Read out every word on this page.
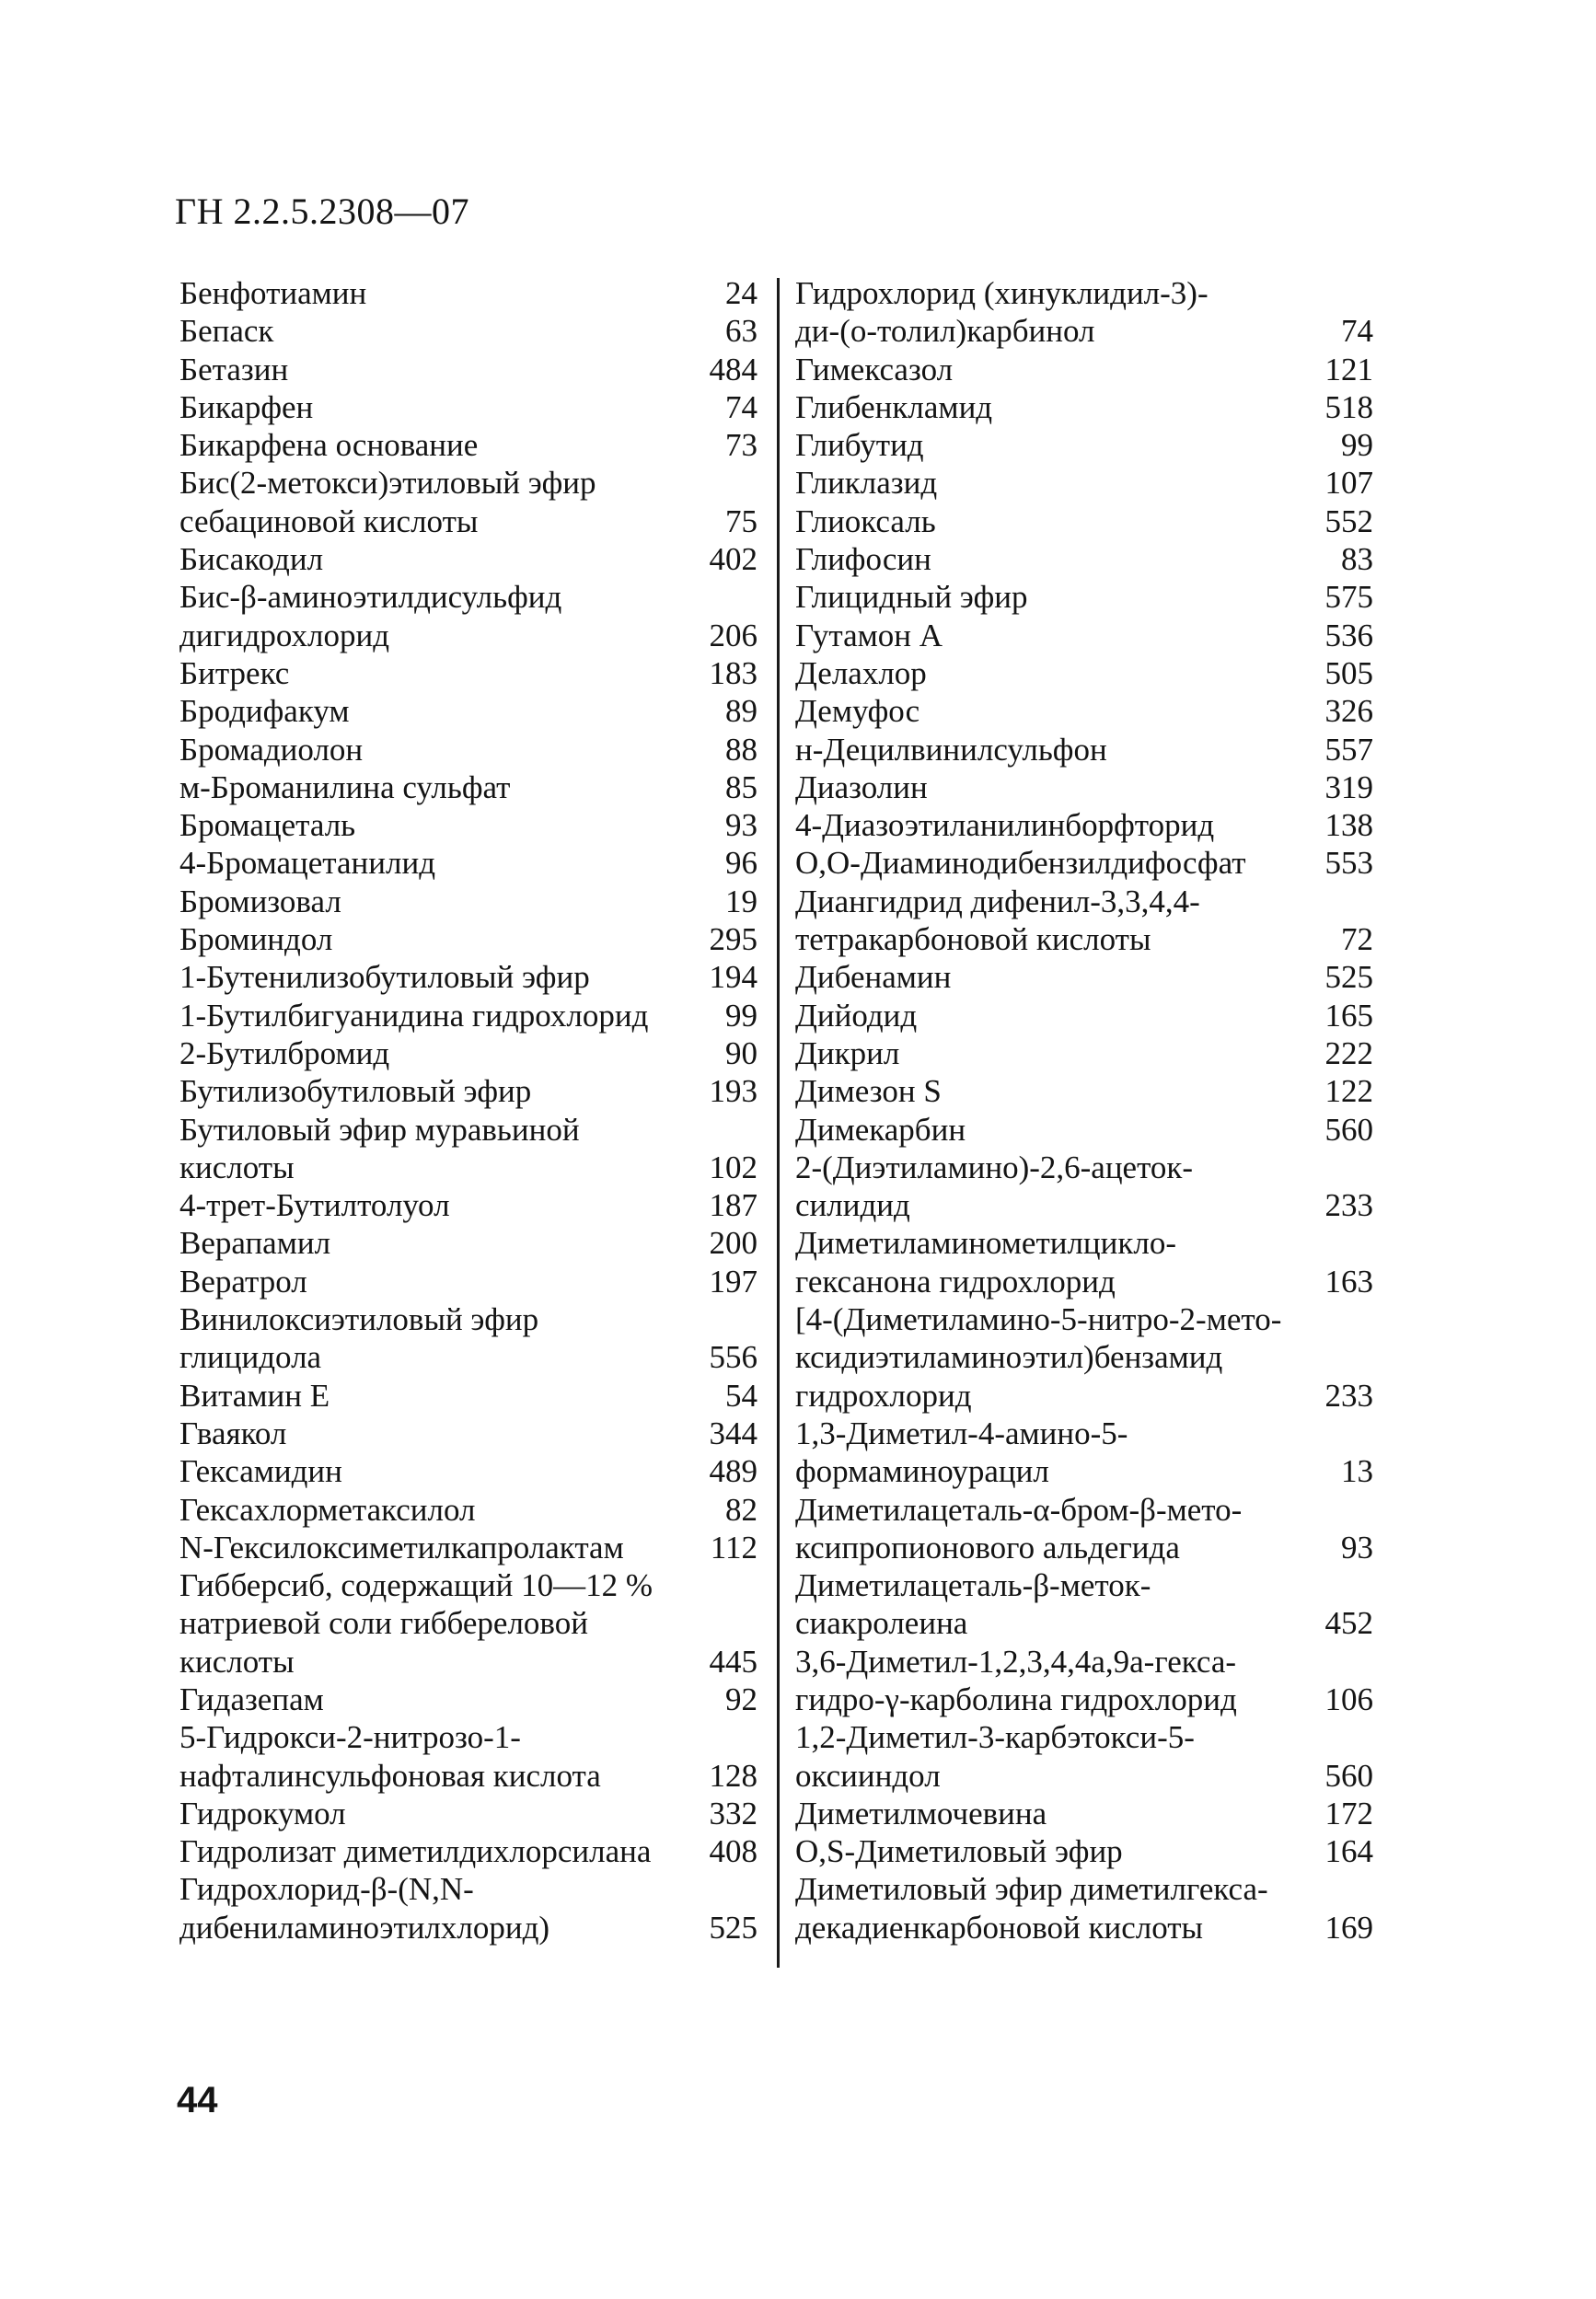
ГН 2.2.5.2308—07
Бенфотиамин	24
Бепаск	63
Бетазин	484
Бикарфен	74
Бикарфена основание	73
Бис(2-метокси)этиловый эфир
себациновой кислоты	75
Бисакодил	402
Бис-β-аминоэтилдисульфид
дигидрохлорид	206
Битрекс	183
Бродифакум	89
Бромадиолон	88
м-Броманилина сульфат	85
Бромацеталь	93
4-Бромацетанилид	96
Бромизовал	19
Броминдол	295
1-Бутенилизобутиловый эфир	194
1-Бутилбигуанидина гидрохлорид	99
2-Бутилбромид	90
Бутилизобутиловый эфир	193
Бутиловый эфир муравьиной
кислоты	102
4-трет-Бутилтолуол	187
Верапамил	200
Вератрол	197
Винилоксиэтиловый эфир
глицидола	556
Витамин Е	54
Гваякол	344
Гексамидин	489
Гексахлорметаксилол	82
N-Гексилоксиметилкапролактам	112
Гибберсиб, содержащий 10—12 %
натриевой соли гиббереловой
кислоты	445
Гидазепам	92
5-Гидрокси-2-нитрозо-1-
нафталинсульфоновая кислота	128
Гидрокумол	332
Гидролизат диметилдихлорсилана	408
Гидрохлорид-β-(N,N-
дибениламиноэтилхлорид)	525
Гидрохлорид (хинуклидил-3)-
ди-(о-толил)карбинол	74
Гимексазол	121
Глибенкламид	518
Глибутид	99
Гликлазид	107
Глиоксаль	552
Глифосин	83
Глицидный эфир	575
Гутамон А	536
Делахлор	505
Демуфос	326
н-Децилвинилсульфон	557
Диазолин	319
4-Диазоэтиланилинборфторид	138
О,О-Диаминодибензилдифосфат	553
Диангидрид дифенил-3,3,4,4-
тетракарбоновой кислоты	72
Дибенамин	525
Дийодид	165
Дикрил	222
Димезон S	122
Димекарбин	560
2-(Диэтиламино)-2,6-ацеток-
силидид	233
Диметиламинометилцикло-
гексанона гидрохлорид	163
[4-(Диметиламино-5-нитро-2-мето-
ксидиэтиламиноэтил)бензамид
гидрохлорид	233
1,3-Диметил-4-амино-5-
формаминоурацил	13
Диметилацеталь-α-бром-β-мето-
ксипропионового альдегида	93
Диметилацеталь-β-меток-
сиакролеина	452
3,6-Диметил-1,2,3,4,4а,9а-гекса-
гидро-γ-карболина гидрохлорид	106
1,2-Диметил-3-карбэтокси-5-
оксииндол	560
Диметилмочевина	172
О,S-Диметиловый эфир	164
Диметиловый эфир диметилгекса-
декадиенкарбоновой кислоты	169
44
